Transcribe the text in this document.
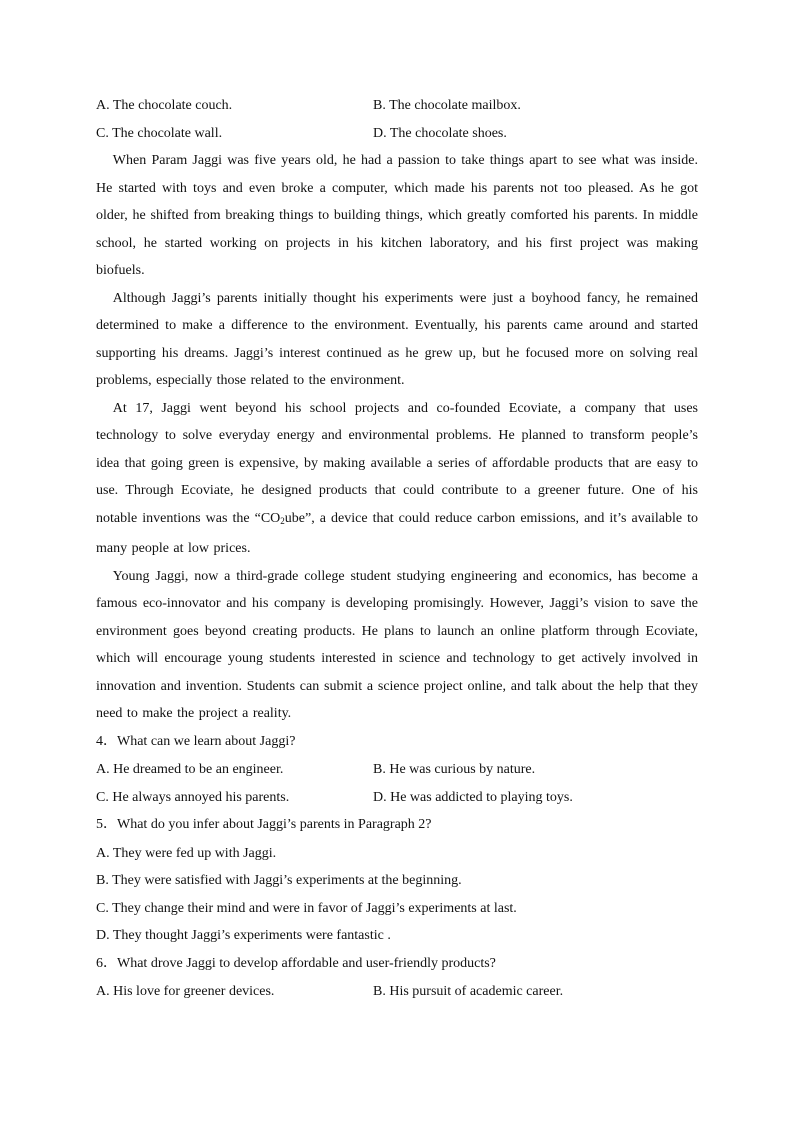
A. The chocolate couch.	B. The chocolate mailbox.
C. The chocolate wall.	D. The chocolate shoes.

When Param Jaggi was five years old, he had a passion to take things apart to see what was inside. He started with toys and even broke a computer, which made his parents not too pleased. As he got older, he shifted from breaking things to building things, which greatly comforted his parents. In middle school, he started working on projects in his kitchen laboratory, and his first project was making biofuels.

Although Jaggi’s parents initially thought his experiments were just a boyhood fancy, he remained determined to make a difference to the environment. Eventually, his parents came around and started supporting his dreams. Jaggi’s interest continued as he grew up, but he focused more on solving real problems, especially those related to the environment.

At 17, Jaggi went beyond his school projects and co-founded Ecoviate, a company that uses technology to solve everyday energy and environmental problems. He planned to transform people’s idea that going green is expensive, by making available a series of affordable products that are easy to use. Through Ecoviate, he designed products that could contribute to a greener future. One of his notable inventions was the “$CO_2ube$”, a device that could reduce carbon emissions, and it’s available to many people at low prices.

Young Jaggi, now a third-grade college student studying engineering and economics, has become a famous eco-innovator and his company is developing promisingly. However, Jaggi’s vision to save the environment goes beyond creating products. He plans to launch an online platform through Ecoviate, which will encourage young students interested in science and technology to get actively involved in innovation and invention. Students can submit a science project online, and talk about the help that they need to make the project a reality.

4．What can we learn about Jaggi?
A. He dreamed to be an engineer.	B. He was curious by nature.
C. He always annoyed his parents.	D. He was addicted to playing toys.
5．What do you infer about Jaggi’s parents in Paragraph 2?
A. They were fed up with Jaggi.
B. They were satisfied with Jaggi’s experiments at the beginning.
C. They change their mind and were in favor of Jaggi’s experiments at last.
D. They thought Jaggi’s experiments were fantastic .
6．What drove Jaggi to develop affordable and user-friendly products?
A. His love for greener devices.	B. His pursuit of academic career.
